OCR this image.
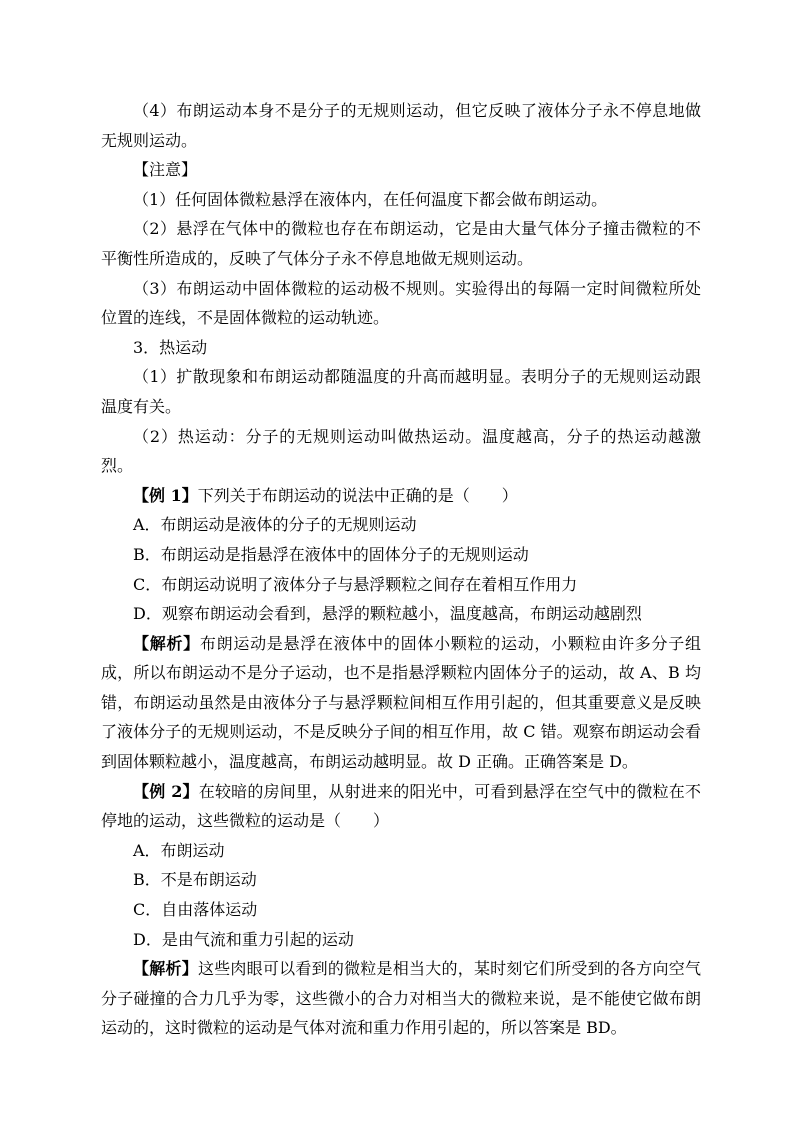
（4）布朗运动本身不是分子的无规则运动，但它反映了液体分子永不停息地做无规则运动。

【注意】

（1）任何固体微粒悬浮在液体内，在任何温度下都会做布朗运动。

（2）悬浮在气体中的微粒也存在布朗运动，它是由大量气体分子撞击微粒的不平衡性所造成的，反映了气体分子永不停息地做无规则运动。

（3）布朗运动中固体微粒的运动极不规则。实验得出的每隔一定时间微粒所处位置的连线，不是固体微粒的运动轨迹。

3．热运动

（1）扩散现象和布朗运动都随温度的升高而越明显。表明分子的无规则运动跟温度有关。

（2）热运动：分子的无规则运动叫做热运动。温度越高，分子的热运动越激烈。

【例 1】下列关于布朗运动的说法中正确的是（　　）

A．布朗运动是液体的分子的无规则运动

B．布朗运动是指悬浮在液体中的固体分子的无规则运动

C．布朗运动说明了液体分子与悬浮颗粒之间存在着相互作用力

D．观察布朗运动会看到，悬浮的颗粒越小，温度越高，布朗运动越剧烈

【解析】布朗运动是悬浮在液体中的固体小颗粒的运动，小颗粒由许多分子组成，所以布朗运动不是分子运动，也不是指悬浮颗粒内固体分子的运动，故 A、B 均错，布朗运动虽然是由液体分子与悬浮颗粒间相互作用引起的，但其重要意义是反映了液体分子的无规则运动，不是反映分子间的相互作用，故 C 错。观察布朗运动会看到固体颗粒越小，温度越高，布朗运动越明显。故 D 正确。正确答案是 D。

【例 2】在较暗的房间里，从射进来的阳光中，可看到悬浮在空气中的微粒在不停地的运动，这些微粒的运动是（　　）

A．布朗运动

B．不是布朗运动

C．自由落体运动

D．是由气流和重力引起的运动

【解析】这些肉眼可以看到的微粒是相当大的，某时刻它们所受到的各方向空气分子碰撞的合力几乎为零，这些微小的合力对相当大的微粒来说，是不能使它做布朗运动的，这时微粒的运动是气体对流和重力作用引起的，所以答案是 BD。
